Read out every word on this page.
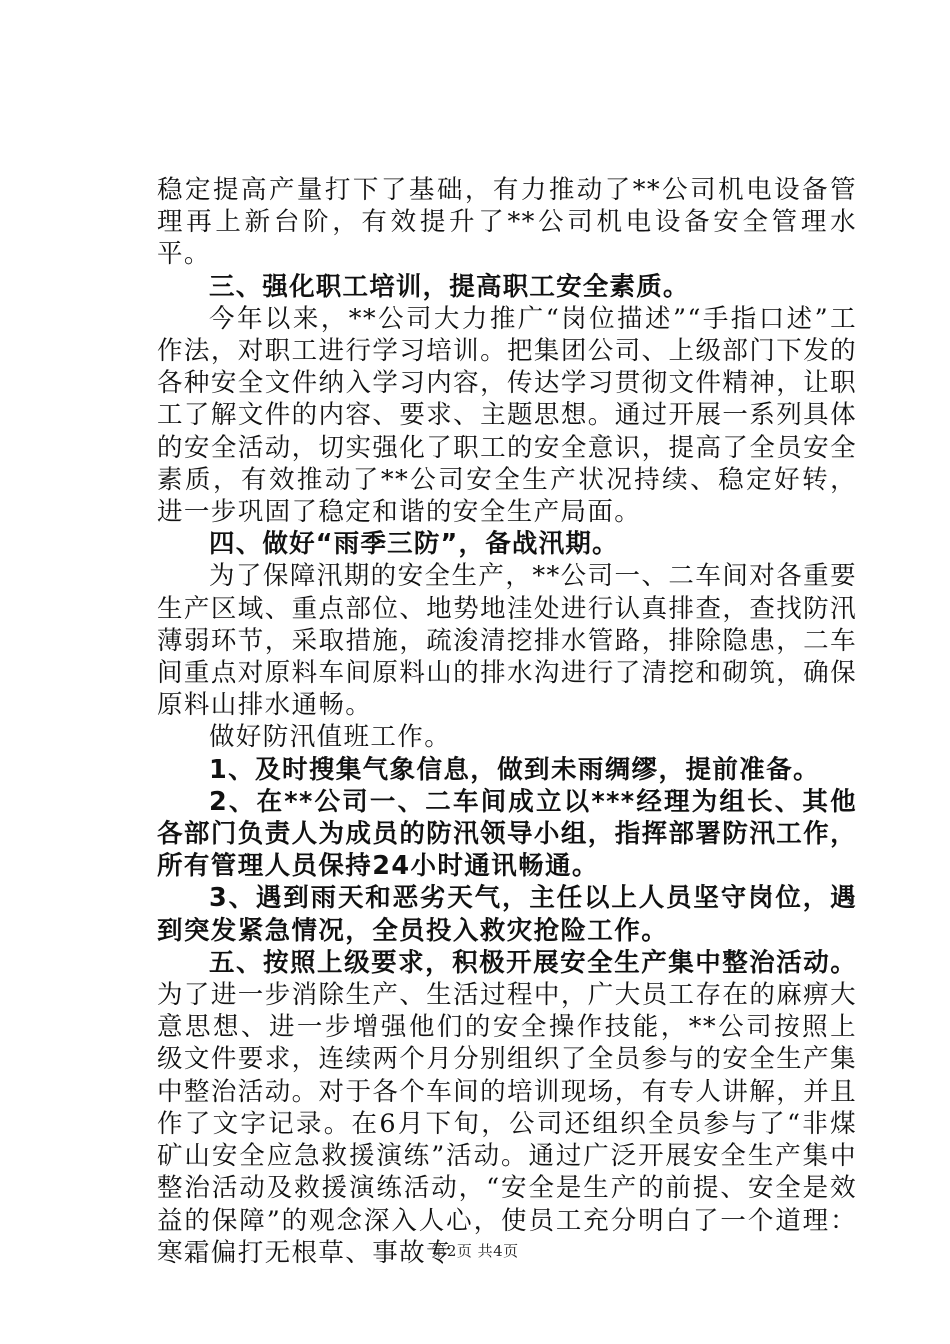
稳定提高产量打下了基础，有力推动了**公司机电设备管理再上新台阶，有效提升了**公司机电设备安全管理水平。

三、强化职工培训，提高职工安全素质。

今年以来，**公司大力推广“岗位描述”“手指口述”工作法，对职工进行学习培训。把集团公司、上级部门下发的各种安全文件纳入学习内容，传达学习贯彻文件精神，让职工了解文件的内容、要求、主题思想。通过开展一系列具体的安全活动，切实强化了职工的安全意识，提高了全员安全素质，有效推动了**公司安全生产状况持续、稳定好转，进一步巩固了稳定和谐的安全生产局面。

四、做好“雨季三防”，备战汛期。

为了保障汛期的安全生产，**公司一、二车间对各重要生产区域、重点部位、地势地洼处进行认真排查，查找防汛薄弱环节，采取措施，疏浚清挖排水管路，排除隐患，二车间重点对原料车间原料山的排水沟进行了清挖和砌筑，确保原料山排水通畅。

做好防汛值班工作。

1、及时搜集气象信息，做到未雨绸缪，提前准备。

2、在**公司一、二车间成立以***经理为组长、其他各部门负责人为成员的防汛领导小组，指挥部署防汛工作，所有管理人员保持24小时通讯畅通。

3、遇到雨天和恶劣天气，主任以上人员坚守岗位，遇到突发紧急情况，全员投入救灾抢险工作。

五、按照上级要求，积极开展安全生产集中整治活动。为了进一步消除生产、生活过程中，广大员工存在的麻痹大意思想、进一步增强他们的安全操作技能，**公司按照上级文件要求，连续两个月分别组织了全员参与的安全生产集中整治活动。对于各个车间的培训现场，有专人讲解，并且作了文字记录。在6月下旬，公司还组织全员参与了“非煤矿山安全应急救援演练”活动。通过广泛开展安全生产集中整治活动及救援演练活动，“安全是生产的前提、安全是效益的保障”的观念深入人心，使员工充分明白了一个道理：寒霜偏打无根草、事故专

第2页 共4页
